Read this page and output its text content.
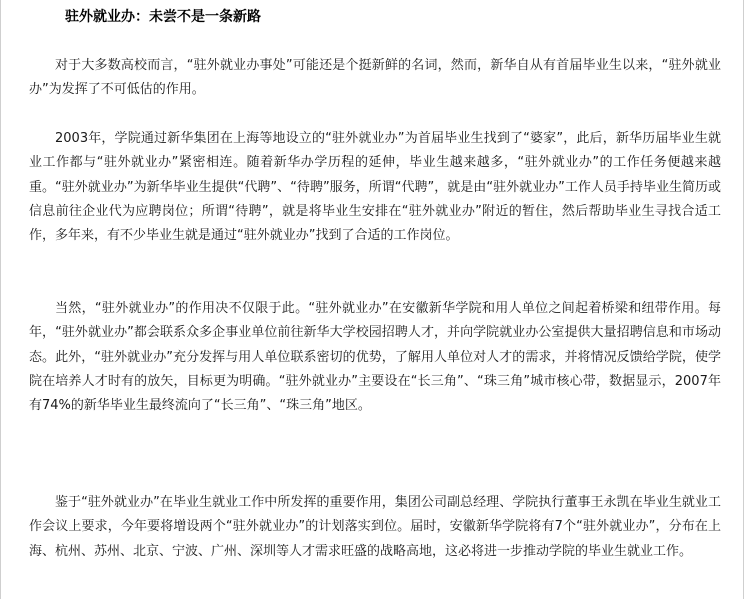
驻外就业办：未尝不是一条新路

对于大多数高校而言，“驻外就业办事处”可能还是个挺新鲜的名词，然而，新华自从有首届毕业生以来，“驻外就业办”为发挥了不可低估的作用。

2003年，学院通过新华集团在上海等地设立的“驻外就业办”为首届毕业生找到了“婆家”，此后，新华历届毕业生就业工作都与“驻外就业办”紧密相连。随着新华办学历程的延伸，毕业生越来越多，“驻外就业办”的工作任务便越来越重。“驻外就业办”为新华毕业生提供“代聘”、“待聘”服务，所谓“代聘”，就是由“驻外就业办”工作人员手持毕业生简历或信息前往企业代为应聘岗位；所谓“待聘”，就是将毕业生安排在“驻外就业办”附近的暂住，然后帮助毕业生寻找合适工作，多年来，有不少毕业生就是通过“驻外就业办”找到了合适的工作岗位。

当然，“驻外就业办”的作用决不仅限于此。“驻外就业办”在安徽新华学院和用人单位之间起着桥梁和纽带作用。每年，“驻外就业办”都会联系众多企事业单位前往新华大学校园招聘人才，并向学院就业办公室提供大量招聘信息和市场动态。此外，“驻外就业办”充分发挥与用人单位联系密切的优势，了解用人单位对人才的需求，并将情况反馈给学院，使学院在培养人才时有的放矢，目标更为明确。“驻外就业办”主要设在“长三角”、“珠三角”城市核心带，数据显示，2007年有74%的新华毕业生最终流向了“长三角”、“珠三角”地区。

鉴于“驻外就业办”在毕业生就业工作中所发挥的重要作用，集团公司副总经理、学院执行董事王永凯在毕业生就业工作会议上要求，今年要将增设两个“驻外就业办”的计划落实到位。届时，安徽新华学院将有7个“驻外就业办”，分布在上海、杭州、苏州、北京、宁波、广州、深圳等人才需求旺盛的战略高地，这必将进一步推动学院的毕业生就业工作。
